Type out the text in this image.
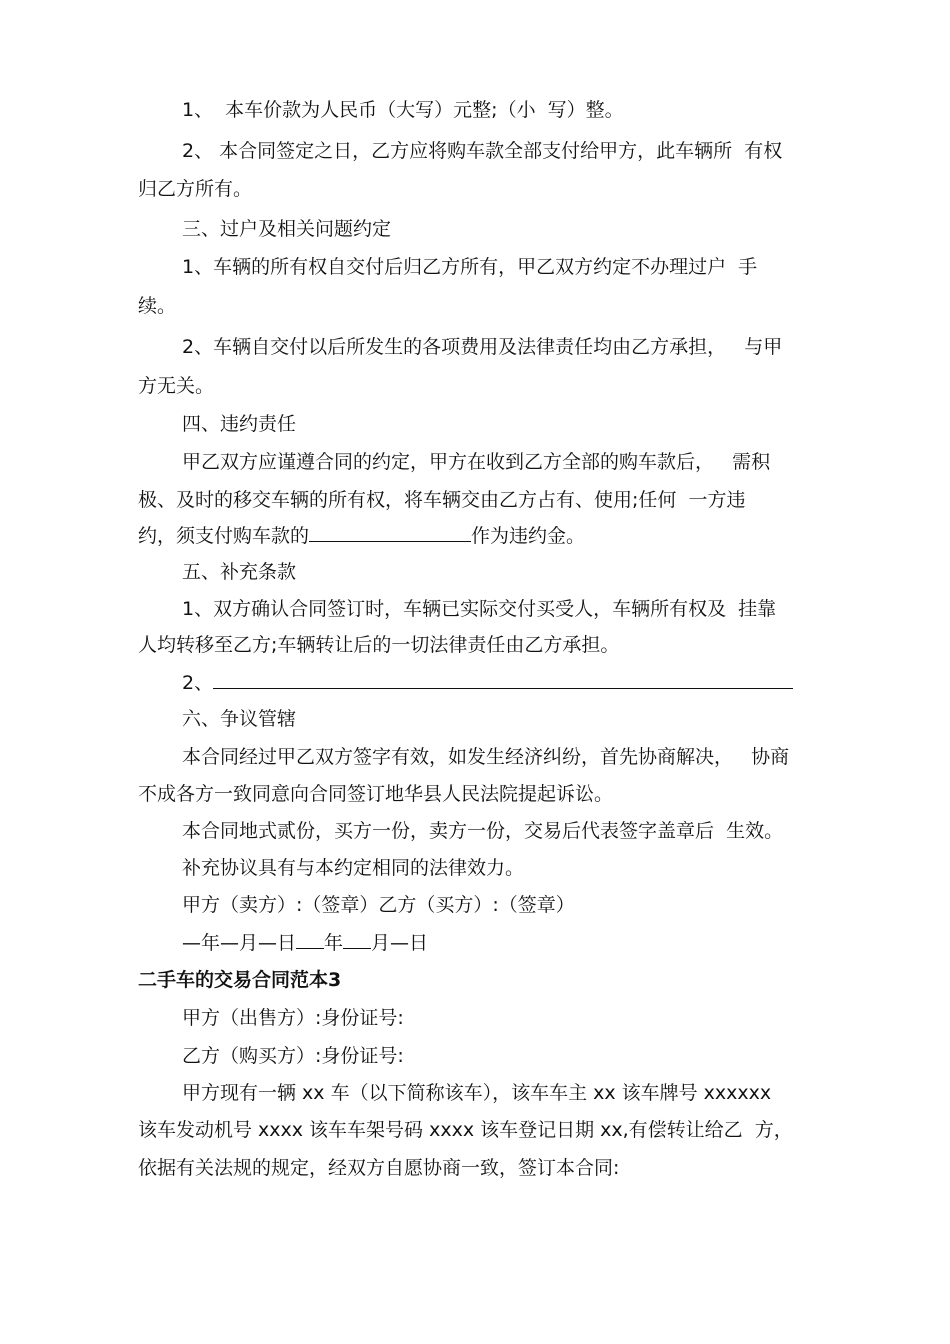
1、  本车价款为人民币（大写）元整;（小  写）整。
2、 本合同签定之日，乙方应将购车款全部支付给甲方，此车辆所  有权
归乙方所有。
三、过户及相关问题约定
1、车辆的所有权自交付后归乙方所有，甲乙双方约定不办理过户  手
续。
2、车辆自交付以后所发生的各项费用及法律责任均由乙方承担，   与甲
方无关。
四、违约责任
甲乙双方应谨遵合同的约定，甲方在收到乙方全部的购车款后，   需积
极、及时的移交车辆的所有权，将车辆交由乙方占有、使用;任何  一方违
约，须支付购车款的	作为违约金。
五、补充条款
1、双方确认合同签订时，车辆已实际交付买受人，车辆所有权及  挂靠
人均转移至乙方;车辆转让后的一切法律责任由乙方承担。
2、
六、争议管辖
本合同经过甲乙双方签字有效，如发生经济纠纷，首先协商解决，   协商
不成各方一致同意向合同签订地华县人民法院提起诉讼。
本合同地式贰份，买方一份，卖方一份，交易后代表签字盖章后  生效。
补充协议具有与本约定相同的法律效力。
甲方（卖方）:（签章）乙方（买方）:（签章）
—年—月—日 年 月—日
二手车的交易合同范本3
甲方（出售方）:身份证号:
乙方（购买方）:身份证号:
甲方现有一辆 xx 车（以下简称该车），该车车主 xx 该车牌号 xxxxxx
该车发动机号 xxxx 该车车架号码 xxxx 该车登记日期 xx,有偿转让给乙  方，
依据有关法规的规定，经双方自愿协商一致，签订本合同:
